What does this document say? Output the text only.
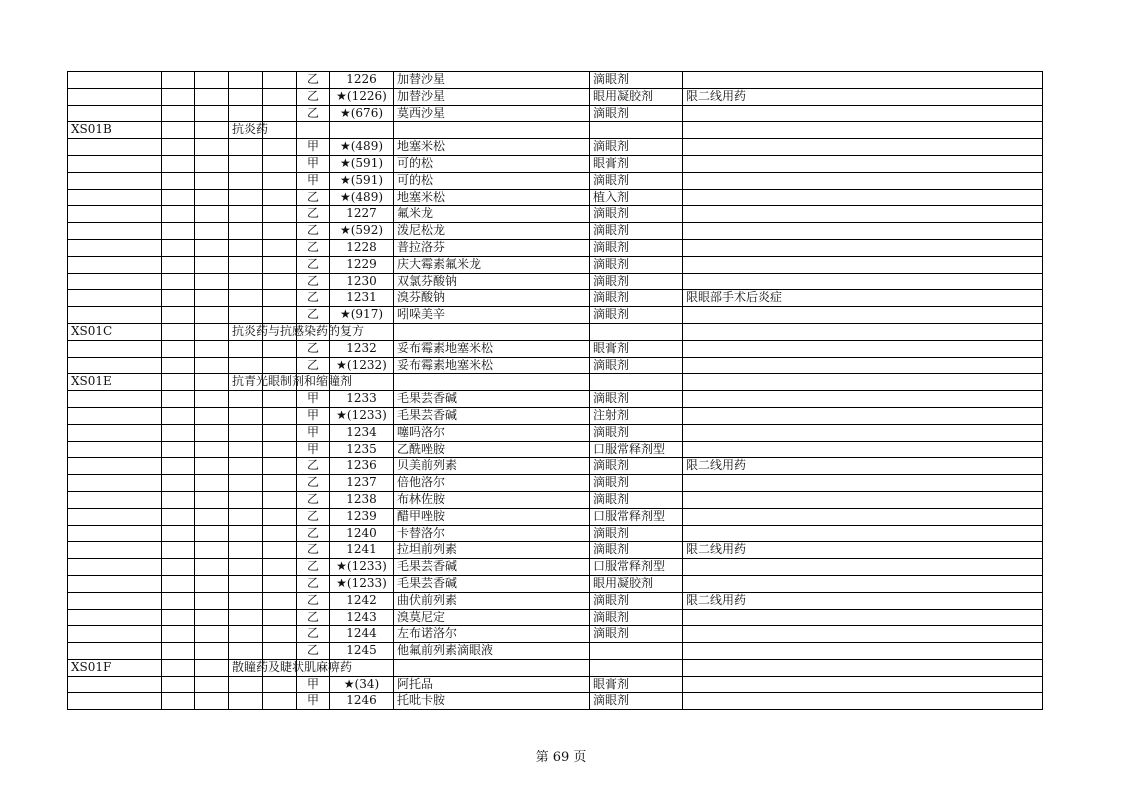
					乙	1226	加替沙星	滴眼剂	
					乙	★(1226)	加替沙星	眼用凝胶剂	限二线用药
					乙	★(676)	莫西沙星	滴眼剂	
XS01B			抗炎药						
					甲	★(489)	地塞米松	滴眼剂	
					甲	★(591)	可的松	眼膏剂	
					甲	★(591)	可的松	滴眼剂	
					乙	★(489)	地塞米松	植入剂	
					乙	1227	氟米龙	滴眼剂	
					乙	★(592)	泼尼松龙	滴眼剂	
					乙	1228	普拉洛芬	滴眼剂	
					乙	1229	庆大霉素氟米龙	滴眼剂	
					乙	1230	双氯芬酸钠	滴眼剂	
					乙	1231	溴芬酸钠	滴眼剂	限眼部手术后炎症
					乙	★(917)	吲哚美辛	滴眼剂	
XS01C			抗炎药与抗感染药的复方						
					乙	1232	妥布霉素地塞米松	眼膏剂	
					乙	★(1232)	妥布霉素地塞米松	滴眼剂	
XS01E			抗青光眼制剂和缩瞳剂						
					甲	1233	毛果芸香碱	滴眼剂	
					甲	★(1233)	毛果芸香碱	注射剂	
					甲	1234	噻吗洛尔	滴眼剂	
					甲	1235	乙酰唑胺	口服常释剂型	
					乙	1236	贝美前列素	滴眼剂	限二线用药
					乙	1237	倍他洛尔	滴眼剂	
					乙	1238	布林佐胺	滴眼剂	
					乙	1239	醋甲唑胺	口服常释剂型	
					乙	1240	卡替洛尔	滴眼剂	
					乙	1241	拉坦前列素	滴眼剂	限二线用药
					乙	★(1233)	毛果芸香碱	口服常释剂型	
					乙	★(1233)	毛果芸香碱	眼用凝胶剂	
					乙	1242	曲伏前列素	滴眼剂	限二线用药
					乙	1243	溴莫尼定	滴眼剂	
					乙	1244	左布诺洛尔	滴眼剂	
					乙	1245	他氟前列素滴眼液		
XS01F			散瞳药及睫状肌麻痹药						
					甲	★(34)	阿托品	眼膏剂	
					甲	1246	托吡卡胺	滴眼剂	
第 69 页
